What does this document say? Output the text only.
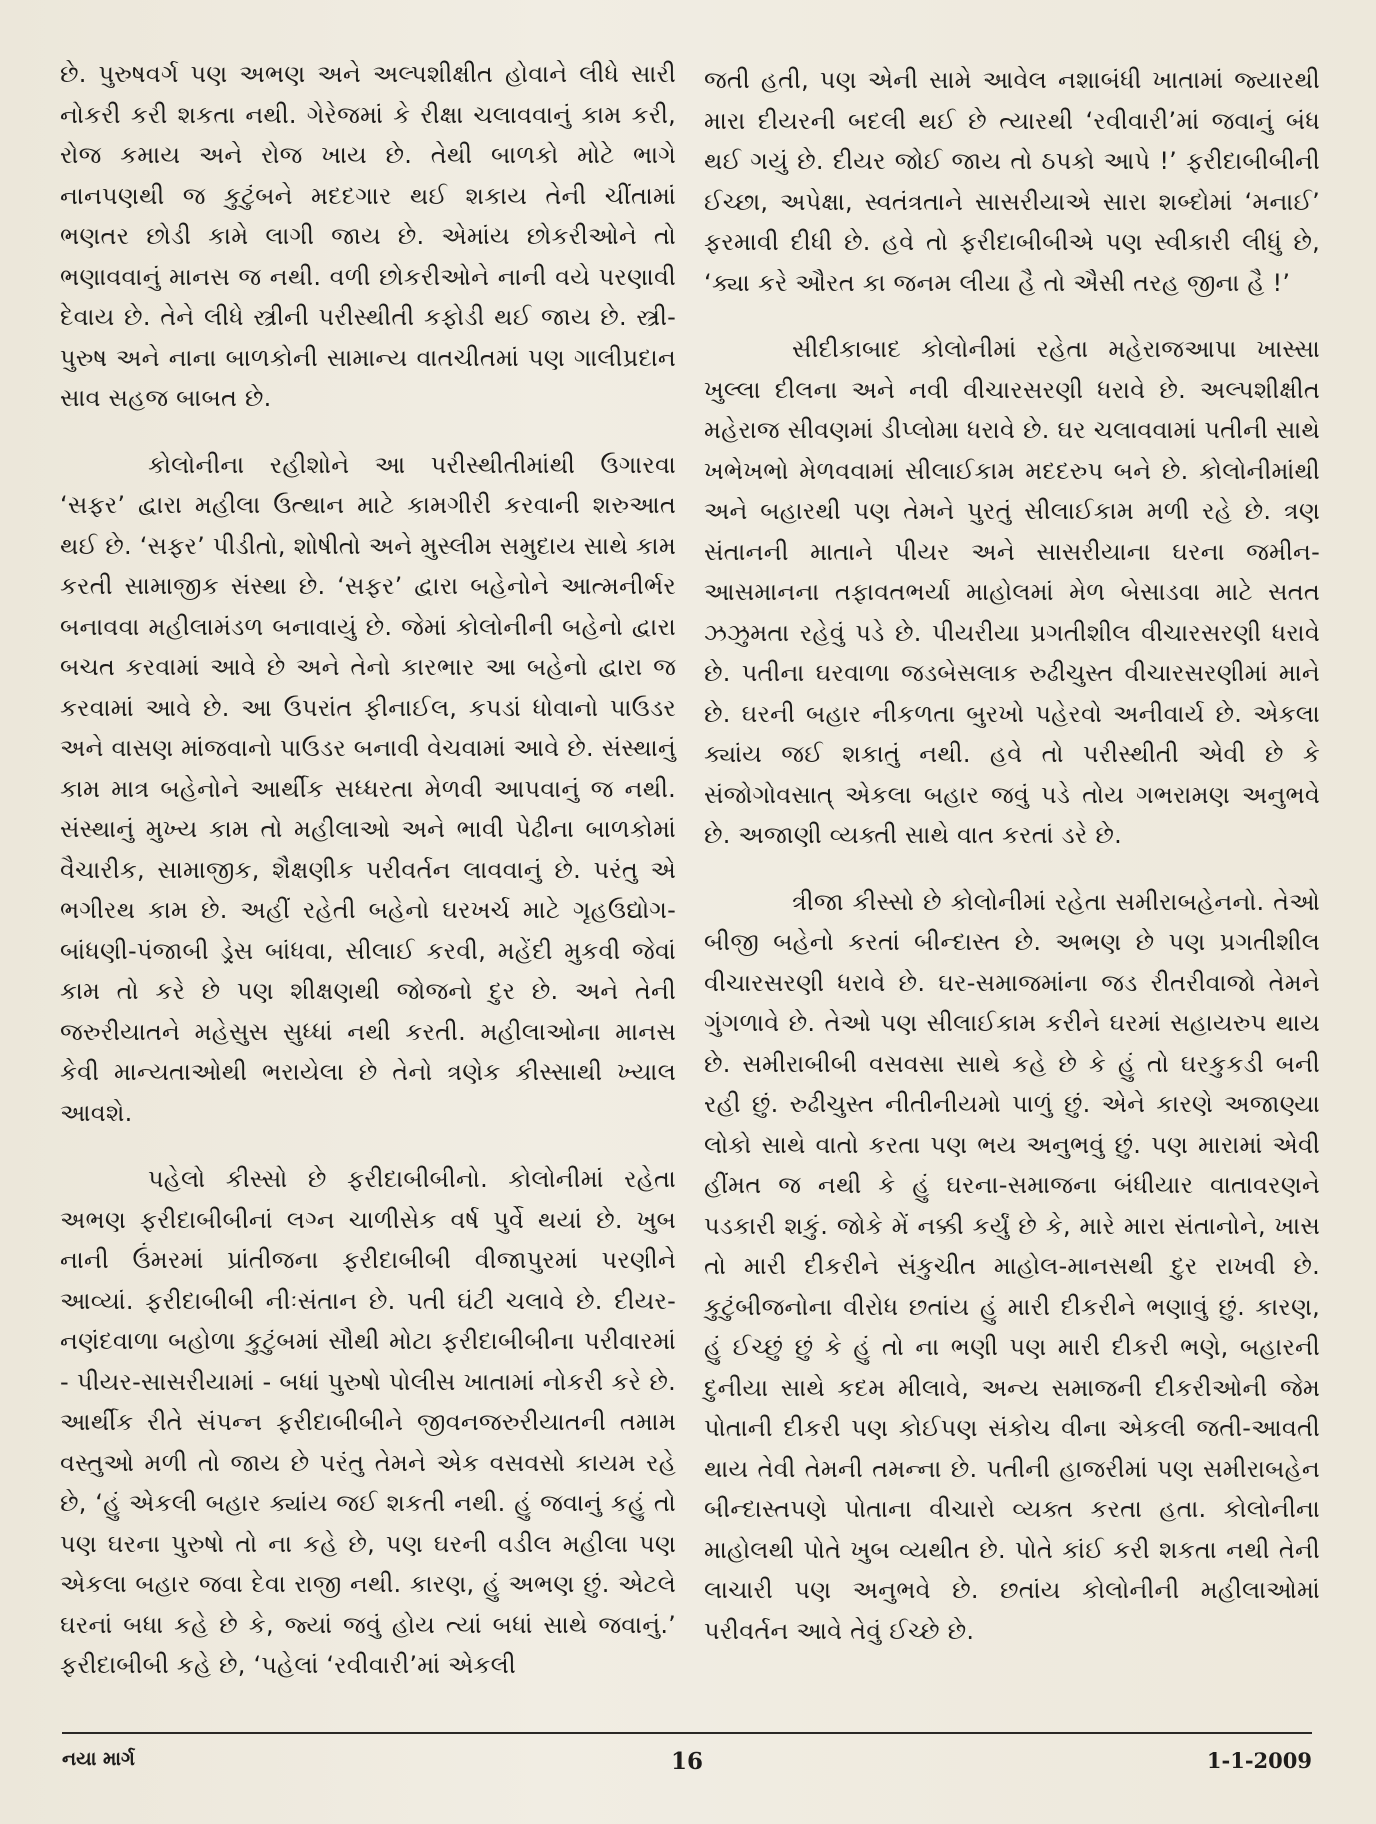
છે. પુરુષવર્ગ પણ અભણ અને અલ્પશીક્ષીત હોવાને લીધે સારી નોકરી કરી શકતા નથી. ગેરેજમાં કે રીક્ષા ચલાવવાનું કામ કરી, રોજ કમાય અને રોજ ખાય છે. તેથી બાળકો મોટે ભાગે નાનપણથી જ કુટુંબને મદદગાર થઈ શકાય તેની ચીંતામાં ભણતર છોડી કામે લાગી જાય છે. એમાંય છોકરીઓને તો ભણાવવાનું માનસ જ નથી. વળી છોકરીઓને નાની વયે પરણાવી દેવાય છે. તેને લીધે સ્ત્રીની પરીસ્થીતી કફોડી થઈ જાય છે. સ્ત્રી-પુરુષ અને નાના બાળકોની સામાન્ય વાતચીતમાં પણ ગાલીપ્રદાન સાવ સહજ બાબત છે.

કોલોનીના રહીશોને આ પરીસ્થીતીમાંથી ઉગારવા ‘સફર’ દ્વારા મહીલા ઉત્થાન માટે કામગીરી કરવાની શરુઆત થઈ છે. ‘સફર’ પીડીતો, શોષીતો અને મુસ્લીમ સમુદાય સાથે કામ કરતી સામાજીક સંસ્થા છે. ‘સફર’ દ્વારા બહેનોને આત્મનીર્ભર બનાવવા મહીલામંડળ બનાવાયું છે. જેમાં કોલોનીની બહેનો દ્વારા બચત કરવામાં આવે છે અને તેનો કારભાર આ બહેનો દ્વારા જ કરવામાં આવે છે. આ ઉપરાંત ફીનાઈલ, કપડાં ધોવાનો પાઉડર અને વાસણ માંજવાનો પાઉડર બનાવી વેચવામાં આવે છે. સંસ્થાનું કામ માત્ર બહેનોને આર્થીક સધ્ધરતા મેળવી આપવાનું જ નથી. સંસ્થાનું મુખ્ય કામ તો મહીલાઓ અને ભાવી પેઢીના બાળકોમાં વૈચારીક, સામાજીક, શૈક્ષણીક પરીવર્તન લાવવાનું છે. પરંતુ એ ભગીરથ કામ છે. અહીં રહેતી બહેનો ઘરખર્ચ માટે ગૃહઉદ્યોગ-બાંધણી-પંજાબી ડ્રેસ બાંધવા, સીલાઈ કરવી, મહેંદી મુકવી જેવાં કામ તો કરે છે પણ શીક્ષણથી જોજનો દુર છે. અને તેની જરુરીયાતને મહેસુસ સુધ્ધાં નથી કરતી. મહીલાઓના માનસ કેવી માન્યતાઓથી ભરાયેલા છે તેનો ત્રણેક કીસ્સાથી ખ્યાલ આવશે.

પહેલો કીસ્સો છે ફરીદાબીબીનો. કોલોનીમાં રહેતા અભણ ફરીદાબીબીનાં લગ્ન ચાળીસેક વર્ષ પુર્વે થયાં છે. ખુબ નાની ઉંમરમાં પ્રાંતીજના ફરીદાબીબી વીજાપુરમાં પરણીને આવ્યાં. ફરીદાબીબી નીઃસંતાન છે. પતી ઘંટી ચલાવે છે. દીયર-નણંદવાળા બહોળા કુટુંબમાં સૌથી મોટા ફરીદાબીબીના પરીવારમાં - પીયર-સાસરીયામાં - બધાં પુરુષો પોલીસ ખાતામાં નોકરી કરે છે. આર્થીક રીતે સંપન્ન ફરીદાબીબીને જીવનજરુરીયાતની તમામ વસ્તુઓ મળી તો જાય છે પરંતુ તેમને એક વસવસો કાયમ રહે છે, ‘હું એકલી બહાર ક્યાંય જઈ શકતી નથી. હું જવાનું કહું તો પણ ઘરના પુરુષો તો ના કહે છે, પણ ઘરની વડીલ મહીલા પણ એકલા બહાર જવા દેવા રાજી નથી. કારણ, હું અભણ છું. એટલે ઘરનાં બધા કહે છે કે, જ્યાં જવું હોય ત્યાં બધાં સાથે જવાનું.’ ફરીદાબીબી કહે છે, ‘પહેલાં ‘રવીવારી’માં એકલી

જતી હતી, પણ એની સામે આવેલ નશાબંધી ખાતામાં જ્યારથી મારા દીયરની બદલી થઈ છે ત્યારથી ‘રવીવારી’માં જવાનું બંધ થઈ ગયું છે. દીયર જોઈ જાય તો ઠપકો આપે !’ ફરીદાબીબીની ઈચ્છા, અપેક્ષા, સ્વતંત્રતાને સાસરીયાએ સારા શબ્દોમાં ‘મનાઈ’ ફરમાવી દીધી છે. હવે તો ફરીદાબીબીએ પણ સ્વીકારી લીધું છે, ‘ક્યા કરે ઔરત કા જનમ લીયા હૈ તો ઐસી તરહ જીના હૈ !’

સીદીકાબાદ કોલોનીમાં રહેતા મહેરાજઆપા ખાસ્સા ખુલ્લા દીલના અને નવી વીચારસરણી ધરાવે છે. અલ્પશીક્ષીત મહેરાજ સીવણમાં ડીપ્લોમા ધરાવે છે. ઘર ચલાવવામાં પતીની સાથે ખભેખભો મેળવવામાં સીલાઈકામ મદદરુપ બને છે. કોલોનીમાંથી અને બહારથી પણ તેમને પુરતું સીલાઈકામ મળી રહે છે. ત્રણ સંતાનની માતાને પીયર અને સાસરીયાના ઘરના જમીન-આસમાનના તફાવતભર્યા માહોલમાં મેળ બેસાડવા માટે સતત ઝઝુમતા રહેવું પડે છે. પીયરીયા પ્રગતીશીલ વીચારસરણી ધરાવે છે. પતીના ઘરવાળા જડબેસલાક રુઢીચુસ્ત વીચારસરણીમાં માને છે. ઘરની બહાર નીકળતા બુરખો પહેરવો અનીવાર્ય છે. એકલા ક્યાંય જઈ શકાતું નથી. હવે તો પરીસ્થીતી એવી છે કે સંજોગોવસાત્ એકલા બહાર જવું પડે તોય ગભરામણ અનુભવે છે. અજાણી વ્યક્તી સાથે વાત કરતાં ડરે છે.

ત્રીજા કીસ્સો છે કોલોનીમાં રહેતા સમીરાબહેનનો. તેઓ બીજી બહેનો કરતાં બીન્દાસ્ત છે. અભણ છે પણ પ્રગતીશીલ વીચારસરણી ધરાવે છે. ઘર-સમાજમાંના જડ રીતરીવાજો તેમને ગુંગળાવે છે. તેઓ પણ સીલાઈકામ કરીને ઘરમાં સહાયરુપ થાય છે. સમીરાબીબી વસવસા સાથે કહે છે કે હું તો ઘરકુકડી બની રહી છું. રુઢીચુસ્ત નીતીનીયમો પાળું છું. એને કારણે અજાણ્યા લોકો સાથે વાતો કરતા પણ ભય અનુભવું છું. પણ મારામાં એવી હીંમત જ નથી કે હું ઘરના-સમાજના બંધીયાર વાતાવરણને પડકારી શકું. જોકે મેં નક્કી કર્યું છે કે, મારે મારા સંતાનોને, ખાસ તો મારી દીકરીને સંકુચીત માહોલ-માનસથી દુર રાખવી છે. કુટુંબીજનોના વીરોધ છતાંય હું મારી દીકરીને ભણાવું છું. કારણ, હું ઈચ્છું છું કે હું તો ના ભણી પણ મારી દીકરી ભણે, બહારની દુનીયા સાથે કદમ મીલાવે, અન્ય સમાજની દીકરીઓની જેમ પોતાની દીકરી પણ કોઈપણ સંકોચ વીના એકલી જતી-આવતી થાય તેવી તેમની તમન્ના છે. પતીની હાજરીમાં પણ સમીરાબહેન બીન્દાસ્તપણે પોતાના વીચારો વ્યક્ત કરતા હતા. કોલોનીના માહોલથી પોતે ખુબ વ્યથીત છે. પોતે કાંઈ કરી શકતા નથી તેની લાચારી પણ અનુભવે છે. છતાંય કોલોનીની મહીલાઓમાં પરીવર્તન આવે તેવું ઈચ્છે છે.

નયા માર્ગ	16	1-1-2009
